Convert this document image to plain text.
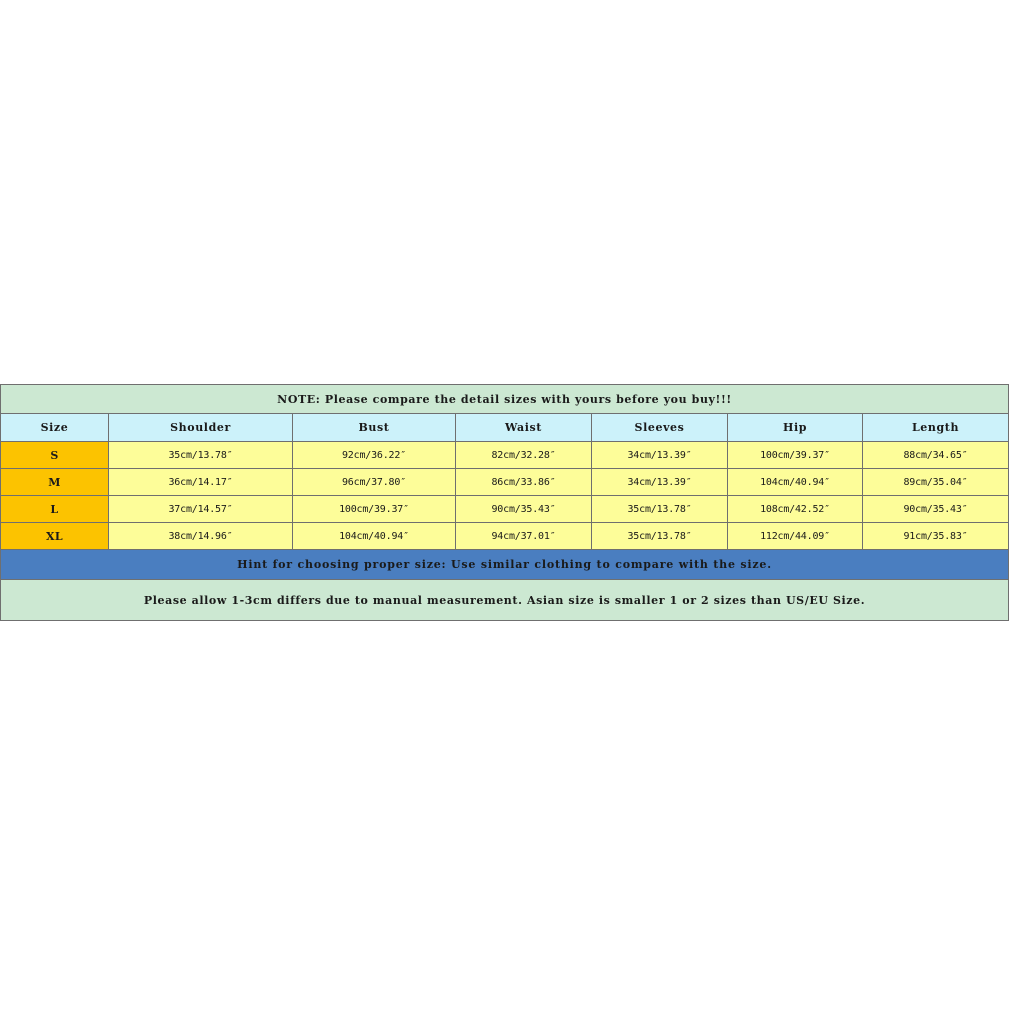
NOTE: Please compare the detail sizes with yours before you buy!!!						
Size	Shoulder	Bust	Waist	Sleeves	Hip	Length
S	35cm/13.78″	92cm/36.22″	82cm/32.28″	34cm/13.39″	100cm/39.37″	88cm/34.65″
M	36cm/14.17″	96cm/37.80″	86cm/33.86″	34cm/13.39″	104cm/40.94″	89cm/35.04″
L	37cm/14.57″	100cm/39.37″	90cm/35.43″	35cm/13.78″	108cm/42.52″	90cm/35.43″
XL	38cm/14.96″	104cm/40.94″	94cm/37.01″	35cm/13.78″	112cm/44.09″	91cm/35.83″
Hint for choosing proper size: Use similar clothing to compare with the size.						
Please allow 1-3cm differs due to manual measurement. Asian size is smaller 1 or 2 sizes than US/EU Size.						
